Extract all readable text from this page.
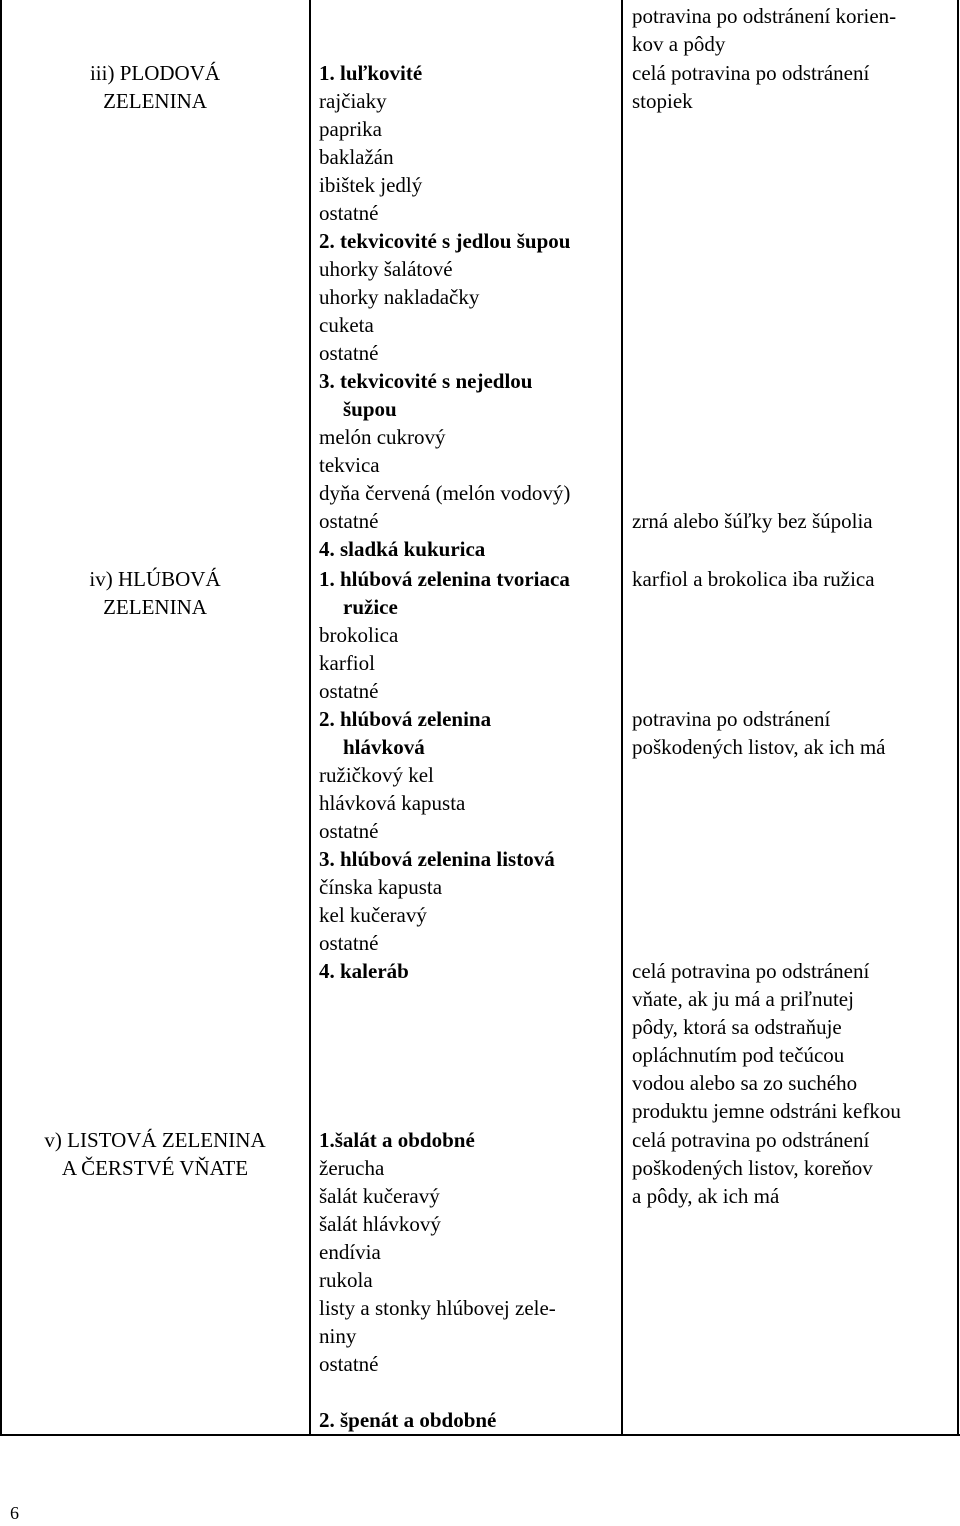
potravina po odstránení korien-
kov a pôdy
iii) PLODOVÁ
ZELENINA
1. luľkovité
rajčiaky
paprika
baklažán
ibištek jedlý
ostatné
2. tekvicovité s jedlou šupou
uhorky šalátové
uhorky nakladačky
cuketa
ostatné
3. tekvicovité s nejedlou
šupou
melón cukrový
tekvica
dyňa červená (melón vodový)
ostatné
4. sladká kukurica
celá potravina po odstránení
stopiek
zrná alebo šúľky bez šúpolia
iv) HLÚBOVÁ
ZELENINA
1. hlúbová zelenina tvoriaca
ružice
brokolica
karfiol
ostatné
2. hlúbová zelenina
hlávková
ružičkový kel
hlávková kapusta
ostatné
3. hlúbová zelenina listová
čínska kapusta
kel kučeravý
ostatné
4. kaleráb
karfiol a brokolica iba ružica
potravina po odstránení
poškodených listov, ak ich má
celá potravina po odstránení
vňate, ak ju má a priľnutej
pôdy, ktorá sa odstraňuje
opláchnutím pod tečúcou
vodou alebo sa zo suchého
produktu jemne odstráni kefkou
v) LISTOVÁ ZELENINA
A ČERSTVÉ VŇATE
1.šalát a obdobné
žerucha
šalát kučeravý
šalát hlávkový
endívia
rukola
listy a stonky hlúbovej zele-
niny
ostatné
2. špenát a obdobné
celá potravina po odstránení
poškodených listov, koreňov
a pôdy, ak ich má
6
